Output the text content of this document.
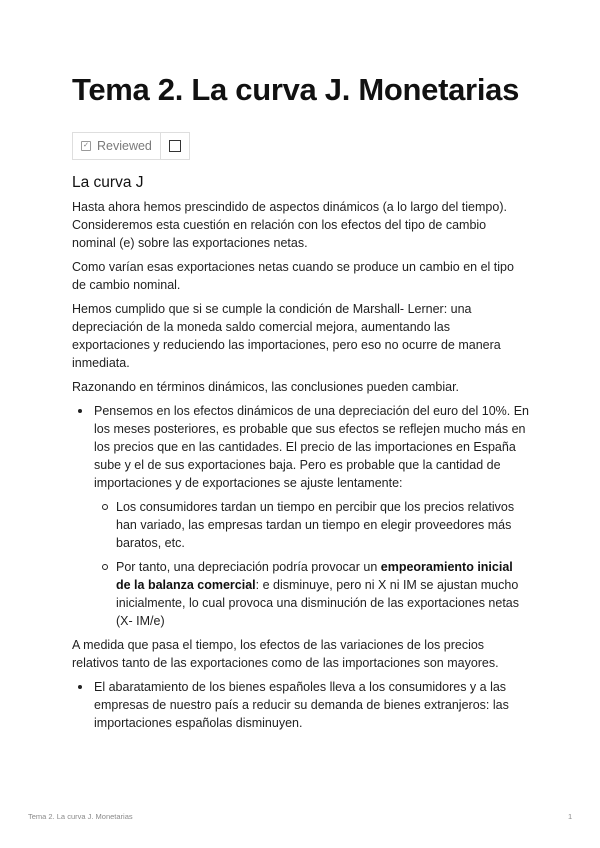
Tema 2. La curva J. Monetarias
✓ Reviewed
La curva J

Hasta ahora hemos prescindido de aspectos dinámicos (a lo largo del tiempo). Consideremos esta cuestión en relación con los efectos del tipo de cambio nominal (e) sobre las exportaciones netas.

Como varían esas exportaciones netas cuando se produce un cambio en el tipo de cambio nominal.

Hemos cumplido que si se cumple la condición de Marshall- Lerner: una depreciación de la moneda saldo comercial mejora, aumentando las exportaciones y reduciendo las importaciones, pero eso no ocurre de manera inmediata.

Razonando en términos dinámicos, las conclusiones pueden cambiar.

Pensemos en los efectos dinámicos de una depreciación del euro del 10%. En los meses posteriores, es probable que sus efectos se reflejen mucho más en los precios que en las cantidades. El precio de las importaciones en España sube y el de sus exportaciones baja. Pero es probable que la cantidad de importaciones y de exportaciones se ajuste lentamente:
Los consumidores tardan un tiempo en percibir que los precios relativos han variado, las empresas tardan un tiempo en elegir proveedores más baratos, etc.
Por tanto, una depreciación podría provocar un empeoramiento inicial de la balanza comercial: e disminuye, pero ni X ni IM se ajustan mucho inicialmente, lo cual provoca una disminución de las exportaciones netas (X- IM/e)

A medida que pasa el tiempo, los efectos de las variaciones de los precios relativos tanto de las exportaciones como de las importaciones son mayores.

El abaratamiento de los bienes españoles lleva a los consumidores y a las empresas de nuestro país a reducir su demanda de bienes extranjeros: las importaciones españolas disminuyen.
Tema 2. La curva J. Monetarias	1
